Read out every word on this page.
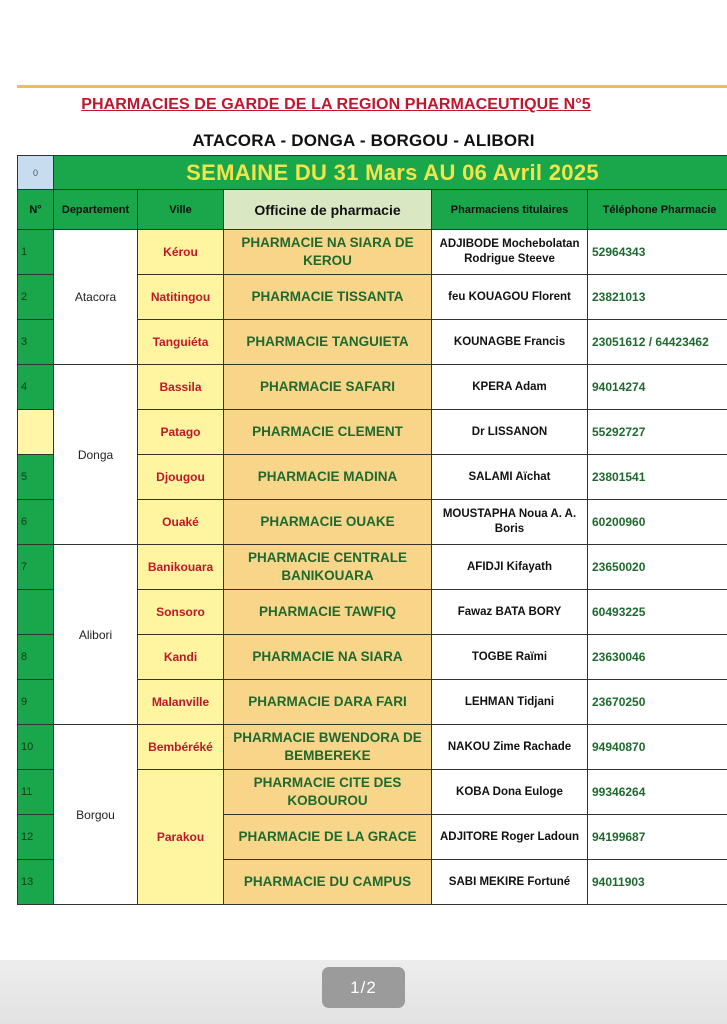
PHARMACIES DE GARDE DE LA REGION PHARMACEUTIQUE N°5
ATACORA - DONGA - BORGOU - ALIBORI
0	SEMAINE DU 31 Mars AU 06 Avril 2025				
N°	Departement	Ville	Officine de pharmacie	Pharmaciens titulaires	Téléphone Pharmacie
1	Atacora	Kérou	PHARMACIE NA SIARA DE KEROU	ADJIBODE Mochebolatan Rodrigue Steeve	52964343
2		Natitingou	PHARMACIE TISSANTA	feu KOUAGOU Florent	23821013
3		Tanguiéta	PHARMACIE TANGUIETA	KOUNAGBE Francis	23051612 / 64423462
4	Donga	Bassila	PHARMACIE SAFARI	KPERA Adam	94014274
		Patago	PHARMACIE CLEMENT	Dr LISSANON	55292727
5		Djougou	PHARMACIE MADINA	SALAMI Aïchat	23801541
6		Ouaké	PHARMACIE OUAKE	MOUSTAPHA Noua A. A. Boris	60200960
7	Alibori	Banikouara	PHARMACIE CENTRALE BANIKOUARA	AFIDJI Kifayath	23650020
		Sonsoro	PHARMACIE TAWFIQ	Fawaz BATA BORY	60493225
8		Kandi	PHARMACIE NA SIARA	TOGBE Raïmi	23630046
9		Malanville	PHARMACIE DARA FARI	LEHMAN Tidjani	23670250
10	Borgou	Bembéréké	PHARMACIE BWENDORA DE BEMBEREKE	NAKOU Zime Rachade	94940870
11		Parakou	PHARMACIE CITE DES KOBOUROU	KOBA Dona Euloge	99346264
12			PHARMACIE DE LA GRACE	ADJITORE Roger Ladoun	94199687
13			PHARMACIE DU CAMPUS	SABI MEKIRE Fortuné	94011903
1/2
